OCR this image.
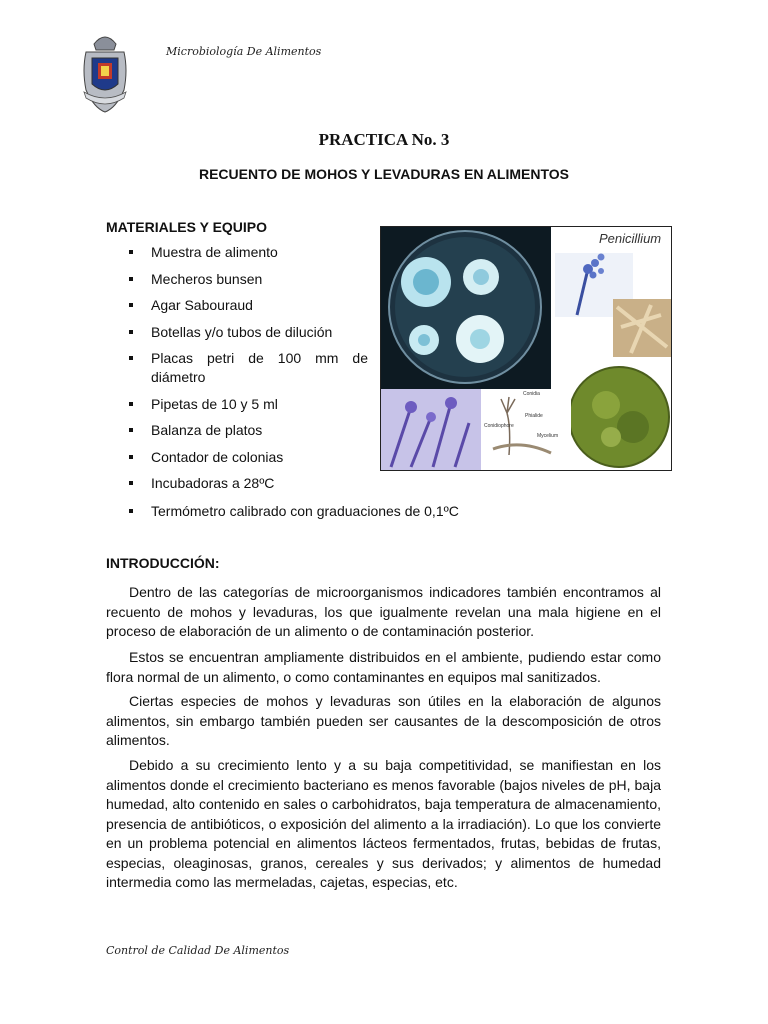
Microbiología De Alimentos
PRACTICA No. 3
RECUENTO DE MOHOS Y LEVADURAS EN ALIMENTOS
MATERIALES Y EQUIPO
Muestra de alimento
Mecheros bunsen
Agar Sabouraud
Botellas y/o tubos de dilución
Placas petri de 100 mm de
diámetro
Pipetas de 10 y 5 ml
Balanza de platos
Contador de colonias
Incubadoras a 28ºC
Termómetro calibrado con graduaciones de 0,1ºC
Penicillium
Conidia
Phialide
Conidiophore
Mycelium
INTRODUCCIÓN:

Dentro de las categorías de microorganismos indicadores también encontramos al recuento de mohos y levaduras, los que igualmente revelan una mala higiene en el proceso de elaboración de un alimento o de contaminación posterior.

Estos se encuentran ampliamente distribuidos en el ambiente, pudiendo estar como flora normal de un alimento, o como contaminantes en equipos mal sanitizados.

Ciertas especies de mohos y levaduras son útiles en la elaboración de algunos alimentos, sin embargo también pueden ser causantes de la descomposición de otros alimentos.

Debido a su crecimiento lento y a su baja competitividad, se manifiestan en los alimentos donde el crecimiento bacteriano es menos favorable (bajos niveles de pH, baja humedad, alto contenido en sales o carbohidratos, baja temperatura de almacenamiento, presencia de antibióticos, o exposición del alimento a la irradiación). Lo que los convierte en un problema potencial en alimentos lácteos fermentados, frutas, bebidas de frutas, especias, oleaginosas, granos, cereales y sus derivados; y alimentos de humedad intermedia como las mermeladas, cajetas, especias, etc.

Control de Calidad De Alimentos
